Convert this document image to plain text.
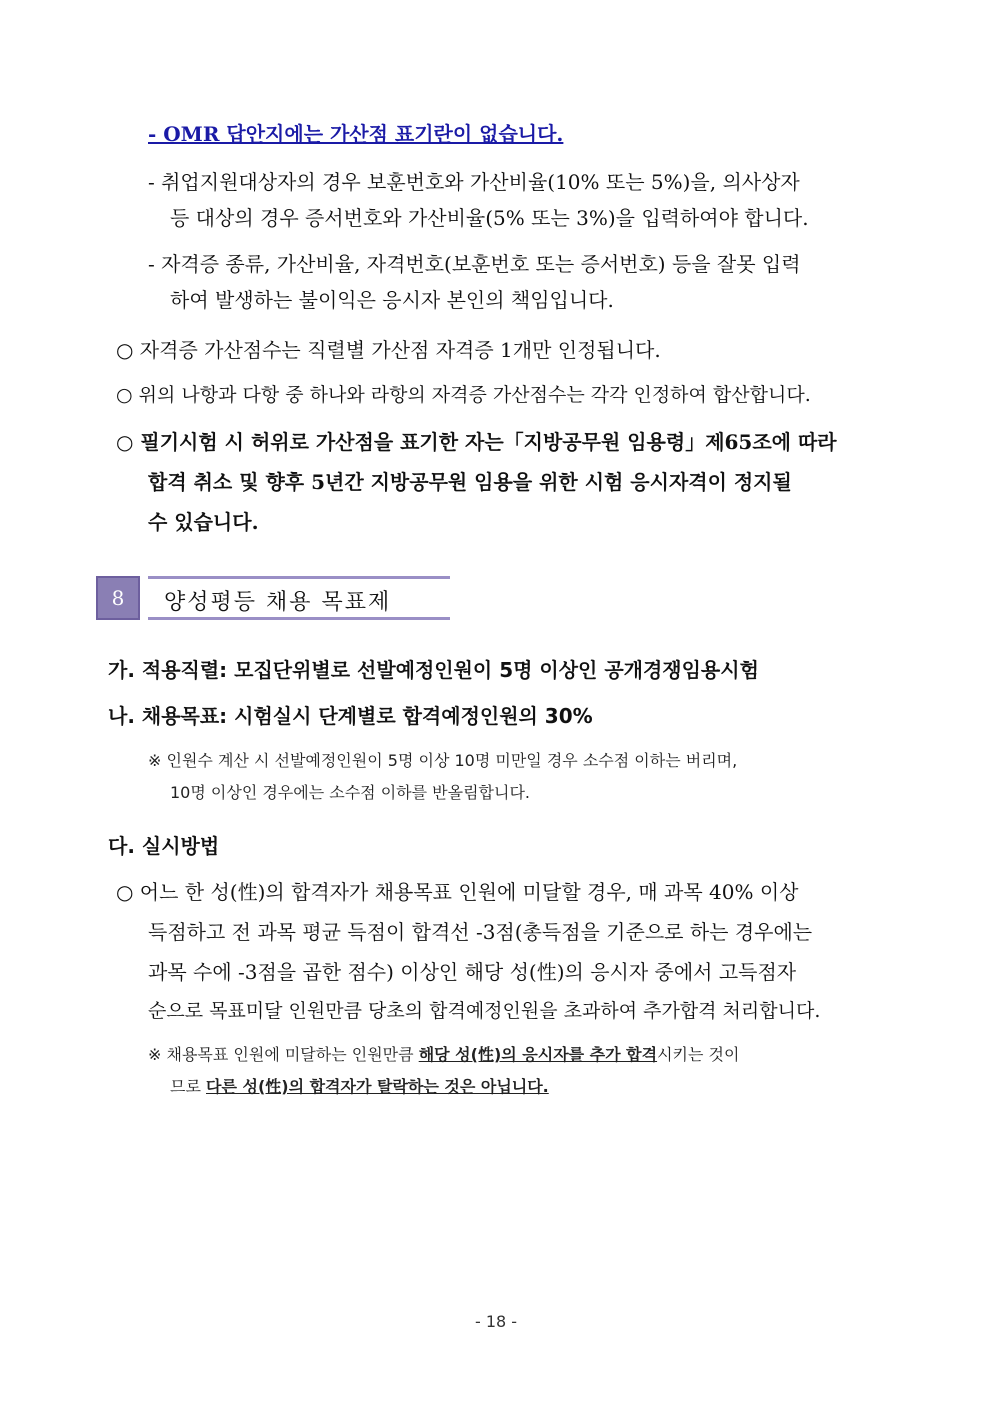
- OMR 답안지에는 가산점 표기란이 없습니다.
- 취업지원대상자의 경우 보훈번호와 가산비율(10% 또는 5%)을, 의사상자
등 대상의 경우 증서번호와 가산비율(5% 또는 3%)을 입력하여야 합니다.
- 자격증 종류, 가산비율, 자격번호(보훈번호 또는 증서번호) 등을 잘못 입력
하여 발생하는 불이익은 응시자 본인의 책임입니다.
○ 자격증 가산점수는 직렬별 가산점 자격증 1개만 인정됩니다.
○ 위의 나항과 다항 중 하나와 라항의 자격증 가산점수는 각각 인정하여 합산합니다.
○ 필기시험 시 허위로 가산점을 표기한 자는「지방공무원 임용령」제65조에 따라
합격 취소 및 향후 5년간 지방공무원 임용을 위한 시험 응시자격이 정지될
수 있습니다.
8	양성평등 채용 목표제
가. 적용직렬: 모집단위별로 선발예정인원이 5명 이상인 공개경쟁임용시험
나. 채용목표: 시험실시 단계별로 합격예정인원의 30%
※ 인원수 계산 시 선발예정인원이 5명 이상 10명 미만일 경우 소수점 이하는 버리며,
10명 이상인 경우에는 소수점 이하를 반올림합니다.
다. 실시방법
○ 어느 한 성(性)의 합격자가 채용목표 인원에 미달할 경우, 매 과목 40% 이상
득점하고 전 과목 평균 득점이 합격선 -3점(총득점을 기준으로 하는 경우에는
과목 수에 -3점을 곱한 점수) 이상인 해당 성(性)의 응시자 중에서 고득점자
순으로 목표미달 인원만큼 당초의 합격예정인원을 초과하여 추가합격 처리합니다.
※ 채용목표 인원에 미달하는 인원만큼 해당 성(性)의 응시자를 추가 합격시키는 것이
므로 다른 성(性)의 합격자가 탈락하는 것은 아닙니다.
- 18 -
